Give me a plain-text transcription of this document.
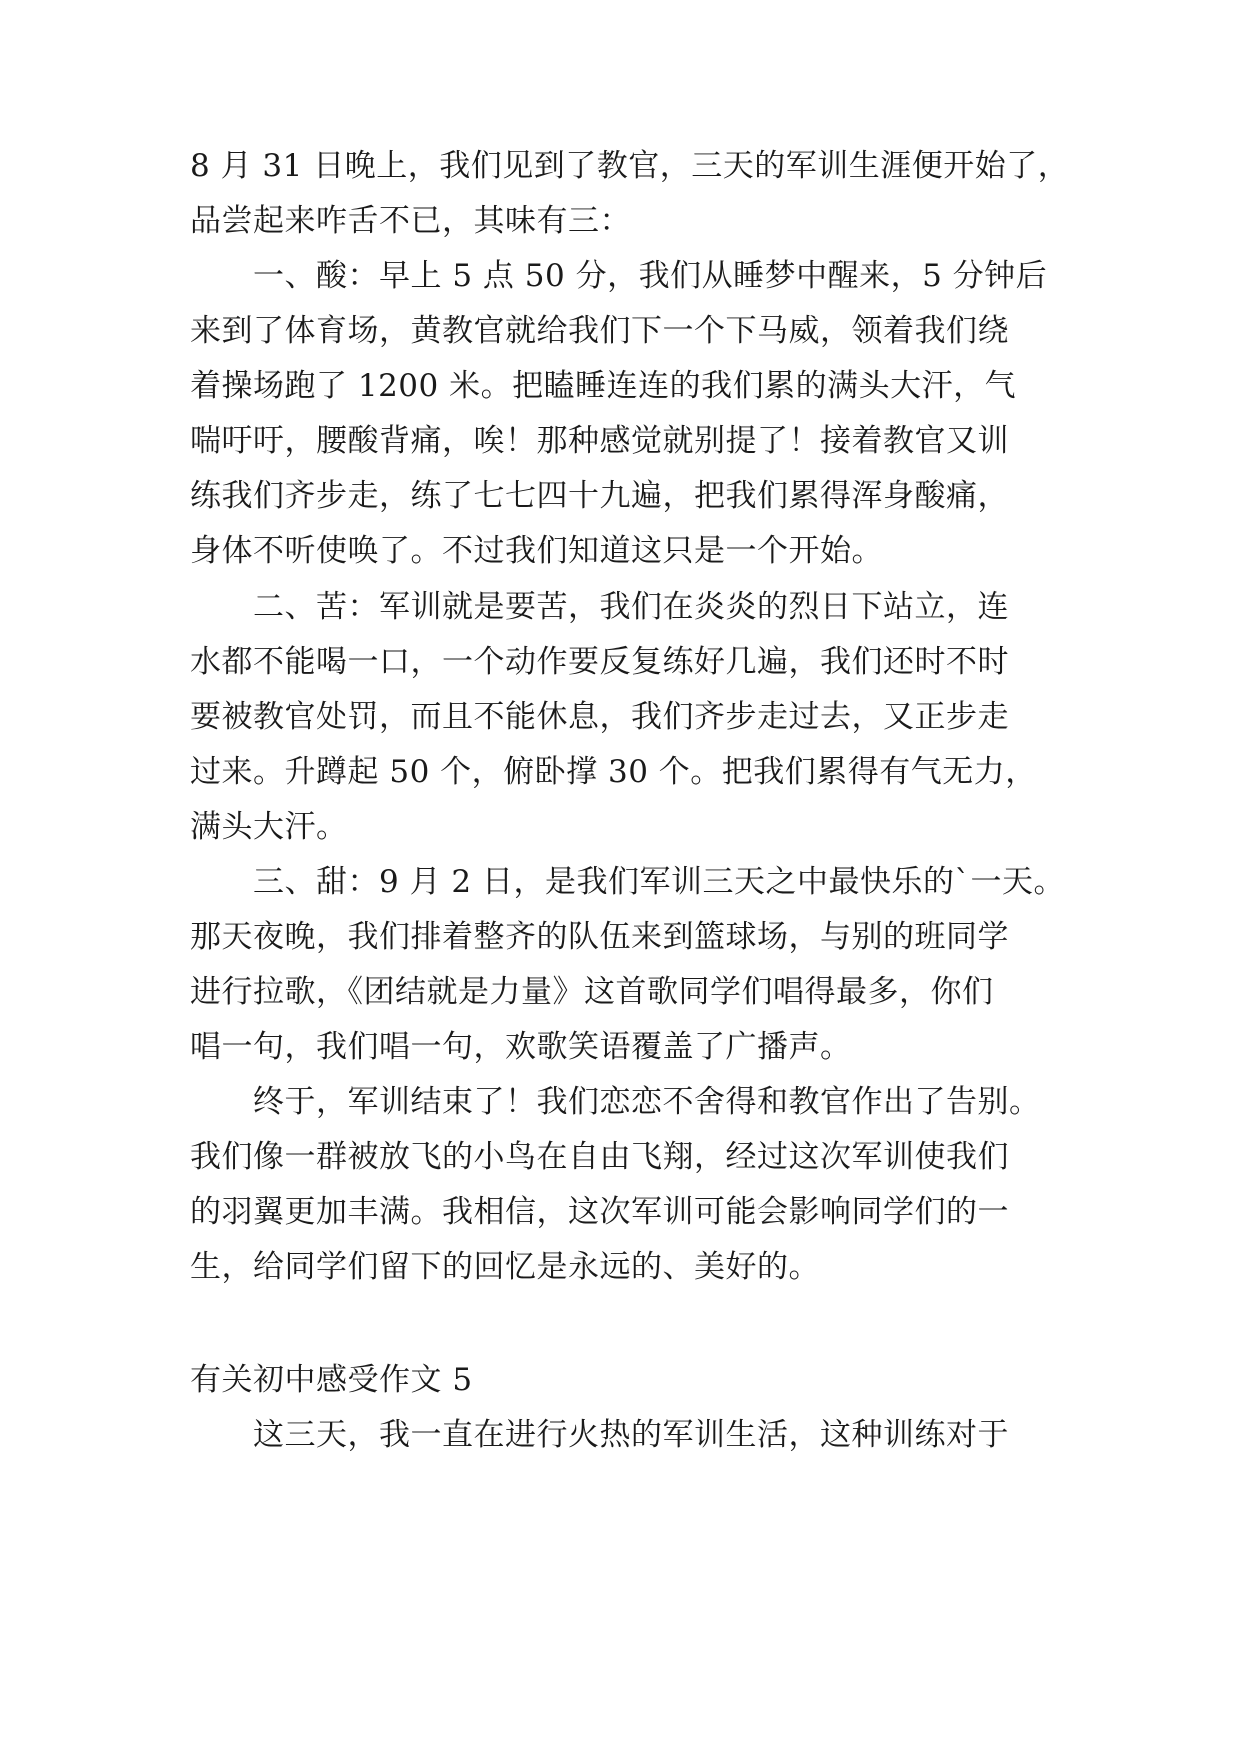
8 月 31 日晚上，我们见到了教官，三天的军训生涯便开始了，
品尝起来咋舌不已，其味有三：
一、酸：早上 5 点 50 分，我们从睡梦中醒来，5 分钟后
来到了体育场，黄教官就给我们下一个下马威，领着我们绕
着操场跑了 1200 米。把瞌睡连连的我们累的满头大汗，气
喘吁吁，腰酸背痛，唉！那种感觉就别提了！接着教官又训
练我们齐步走，练了七七四十九遍，把我们累得浑身酸痛，
身体不听使唤了。不过我们知道这只是一个开始。
二、苦：军训就是要苦，我们在炎炎的烈日下站立，连
水都不能喝一口，一个动作要反复练好几遍，我们还时不时
要被教官处罚，而且不能休息，我们齐步走过去，又正步走
过来。升蹲起 50 个，俯卧撑 30 个。把我们累得有气无力，
满头大汗。
三、甜：9 月 2 日，是我们军训三天之中最快乐的`一天。
那天夜晚，我们排着整齐的队伍来到篮球场，与别的班同学
进行拉歌，《团结就是力量》这首歌同学们唱得最多，你们
唱一句，我们唱一句，欢歌笑语覆盖了广播声。
终于，军训结束了！我们恋恋不舍得和教官作出了告别。
我们像一群被放飞的小鸟在自由飞翔，经过这次军训使我们
的羽翼更加丰满。我相信，这次军训可能会影响同学们的一
生，给同学们留下的回忆是永远的、美好的。
有关初中感受作文 5
这三天，我一直在进行火热的军训生活，这种训练对于
